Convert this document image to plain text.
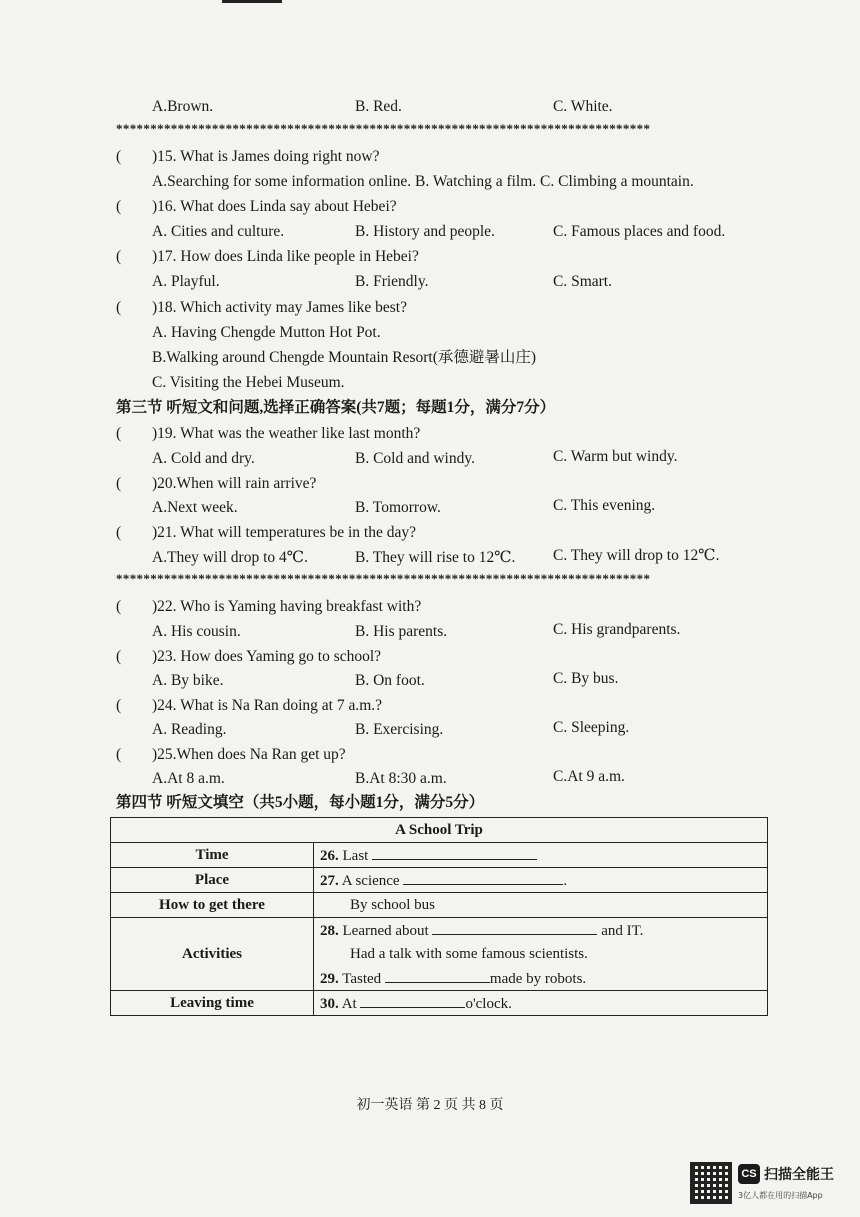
A.Brown.	B. Red.	C. White.
******************************************************************************
( )15. What is James doing right now?
A.Searching for some information online. B. Watching a film. C. Climbing a mountain.
( )16. What does Linda say about Hebei?
A. Cities and culture.	B. History and people.	C. Famous places and food.
( )17. How does Linda like people in Hebei?
A. Playful.	B. Friendly.	C. Smart.
( )18. Which activity may James like best?
A. Having Chengde Mutton Hot Pot.
B.Walking around Chengde Mountain Resort(承德避暑山庄)
C. Visiting the Hebei Museum.
第三节 听短文和问题,选择正确答案(共7题；每题1分，满分7分）
( )19. What was the weather like last month?
A. Cold and dry.	B. Cold and windy.	C. Warm but windy.
( )20.When will rain arrive?
A.Next week.	B. Tomorrow.	C. This evening.
( )21. What will temperatures be in the day?
A.They will drop to 4℃.	B. They will rise to 12℃. C. They will drop to 12℃.
******************************************************************************
( )22. Who is Yaming having breakfast with?
A. His cousin.	B. His parents.	C. His grandparents.
( )23. How does Yaming go to school?
A. By bike.	B. On foot.	C. By bus.
( )24. What is Na Ran doing at 7 a.m.?
A. Reading.	B. Exercising.	C. Sleeping.
( )25.When does Na Ran get up?
A.At 8 a.m.	B.At 8:30 a.m.	C.At 9 a.m.
第四节 听短文填空（共5小题，每小题1分，满分5分）
A School Trip	
Time	26. Last
Place	27. A science .
How to get there	By school bus
Activities	28. Learned about and IT.
	Had a talk with some famous scientists.
	29. Tasted made by robots.
Leaving time	30. At o'clock.
初一英语 第 2 页 共 8 页
CS 扫描全能王
3亿人都在用的扫描App
